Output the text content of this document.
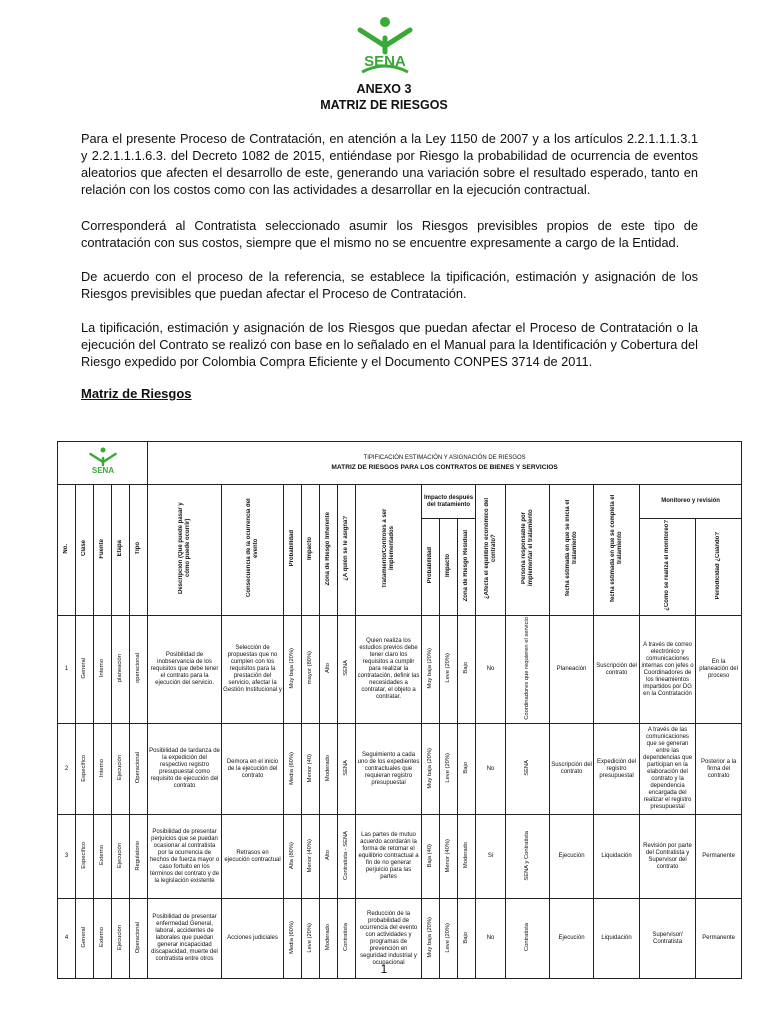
SENA
ANEXO 3
MATRIZ DE RIESGOS

Para el presente Proceso de Contratación, en atención a la Ley 1150 de 2007 y a los artículos 2.2.1.1.1.3.1 y 2.2.1.1.1.6.3. del Decreto 1082 de 2015, entiéndase por Riesgo la probabilidad de ocurrencia de eventos aleatorios que afecten el desarrollo de este, generando una variación sobre el resultado esperado, tanto en relación con los costos como con las actividades a desarrollar en la ejecución contractual.

Corresponderá al Contratista seleccionado asumir los Riesgos previsibles propios de este tipo de contratación con sus costos, siempre que el mismo no se encuentre expresamente a cargo de la Entidad.

De acuerdo con el proceso de la referencia, se establece la tipificación, estimación y asignación de los Riesgos previsibles que puedan afectar el Proceso de Contratación.

La tipificación, estimación y asignación de los Riesgos que puedan afectar el Proceso de Contratación o la ejecución del Contrato se realizó con base en lo señalado en el Manual para la Identificación y Cobertura del Riesgo expedido por Colombia Compra Eficiente y el Documento CONPES 3714 de 2011.

Matriz de Riesgos
SENA					TIPIFICACIÓN ESTIMACIÓN Y ASIGNACIÓN DE RIESGOS
MATRIZ DE RIESGOS PARA LOS CONTRATOS DE BIENES Y SERVICIOS															

No.	Clase	Fuente	Etapa	Tipo	Descripción (Qué puede pasar y cómo puede ocurrir)	Consecuencia de la ocurrencia del evento	Probabilidad	Impacto	Zona de Riesgo Inherente	¿A quién se le asigna?	Tratamiento/Controles a ser implementados	Impacto después del tratamiento			¿Afecta el equilibrio económico del contrato?	Persona responsable por implementar el tratamiento	fecha estimada en que se inicia el tratamiento	fecha estimada en que se completa el tratamiento	Monitoreo y revisión	
												Probabilidad	Impacto	Zona de Riesgo Residual					¿Cómo se realiza el monitoreo?	Periodicidad ¿Cuándo?
1	General	Interno	planeación	operacional	Posibilidad de inobservancia de los requisitos que debe tener el contrato para la ejecución del servicio.	Selección de propuestas que no cumplen con los requisitos para la prestación del servicio, afectar la Gestión Institucional y	Muy baja (20%)	mayor (80%)	Alto	SENA	Quien realiza los estudios previos debe tener claro los requisitos a cumplir para realizar la contratación, definir las necesidades a contratar, el objeto a contratar.	Muy baja (20%)	Leve (20%)	Bajo	No	Coordinadores que requieren el servicio	Planeación	Suscripción del contrato	A través de correo electrónico y comunicaciones internas con jefes o Coordinadores de los lineamientos impartidos por DG en la Contratación	En la planeación del proceso
2	Específico	Interno	Ejecución	Operacional	Posibilidad de tardanza de la expedición del respectivo registro presupuestal como requisito de ejecución del contrato	Demora en el inicio de la ejecución del contrato	Media (60%)	Menor (40)	Moderado	SENA	Seguimiento a cada uno de los expedientes contractuales que requieran registro presupuestal	Muy baja (20%)	Leve (20%)	Bajo	No	SENA	Suscripción del contrato	Expedición del registro presupuestal	A través de las comunicaciones que se generan entre las dependencias que participan en la elaboración del contrato y la dependencia encargada del realizar el registro presupuestal	Posterior a la firma del contrato
3	Específico	Externo	Ejecución	Regulatorio	Posibilidad de presentar perjuicios que se puedan ocasionar al contratista por la ocurrencia de hechos de fuerza mayor o caso fortuito en los términos del contrato y de la legislación existente	Retrasos en ejecución contractual	Alta (80%)	Menor (40%)	Alto	Contratista - SENA	Las partes de mutuo acuerdo acordarán la forma de retomar el equilibrio contractual a fin de no generar perjuicio para las partes	Baja (40)	Menor (40%)	Moderado	Si	SENA y Contratista	Ejecución	Liquidación	Revisión por parte del Contratista y Supervisor del contrato	Permanente
4	General	Externo	Ejecución	Operacional	Posibilidad de presentar enfermedad General, laboral, accidentes de laborales que puedan generar incapacidad discapacidad, muerte del contratista entre otros	Acciones judiciales	Media (60%)	Leve (20%)	Moderado	Contratista	Reducción de la probabilidad de ocurrencia del evento con actividades y programas de prevención en seguridad industrial y ocupacional	Muy baja (20%)	Leve (20%)	Bajo	No	Contratista	Ejecución	Liquidación	Supervisor/ Contratista	Permanente
1
